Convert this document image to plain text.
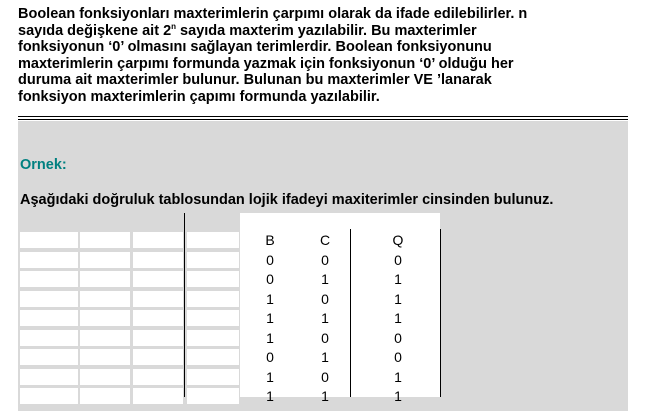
Boolean fonksiyonları maxterimlerin çarpımı olarak da ifade edilebilirler. n
sayıda değişkene ait 2$^n$ sayıda maxterim yazılabilir. Bu maxterimler
fonksiyonun ‘0’ olmasını sağlayan terimlerdir. Boolean fonksiyonunu
maxterimlerin çarpımı formunda yazmak için fonksiyonun ‘0’ olduğu her
duruma ait maxterimler bulunur. Bulunan bu maxterimler VE ’lanarak
fonksiyon maxterimlerin çapımı formunda yazılabilir.
Ornek:
Aşağıdaki doğruluk tablosundan lojik ifadeyi maxiterimler cinsinden bulunuz.
B	C	Q
0	0	0
0	1	1
1	0	1
1	1	1
1	0	0
0	1	0
1	0	1
1	1	1
